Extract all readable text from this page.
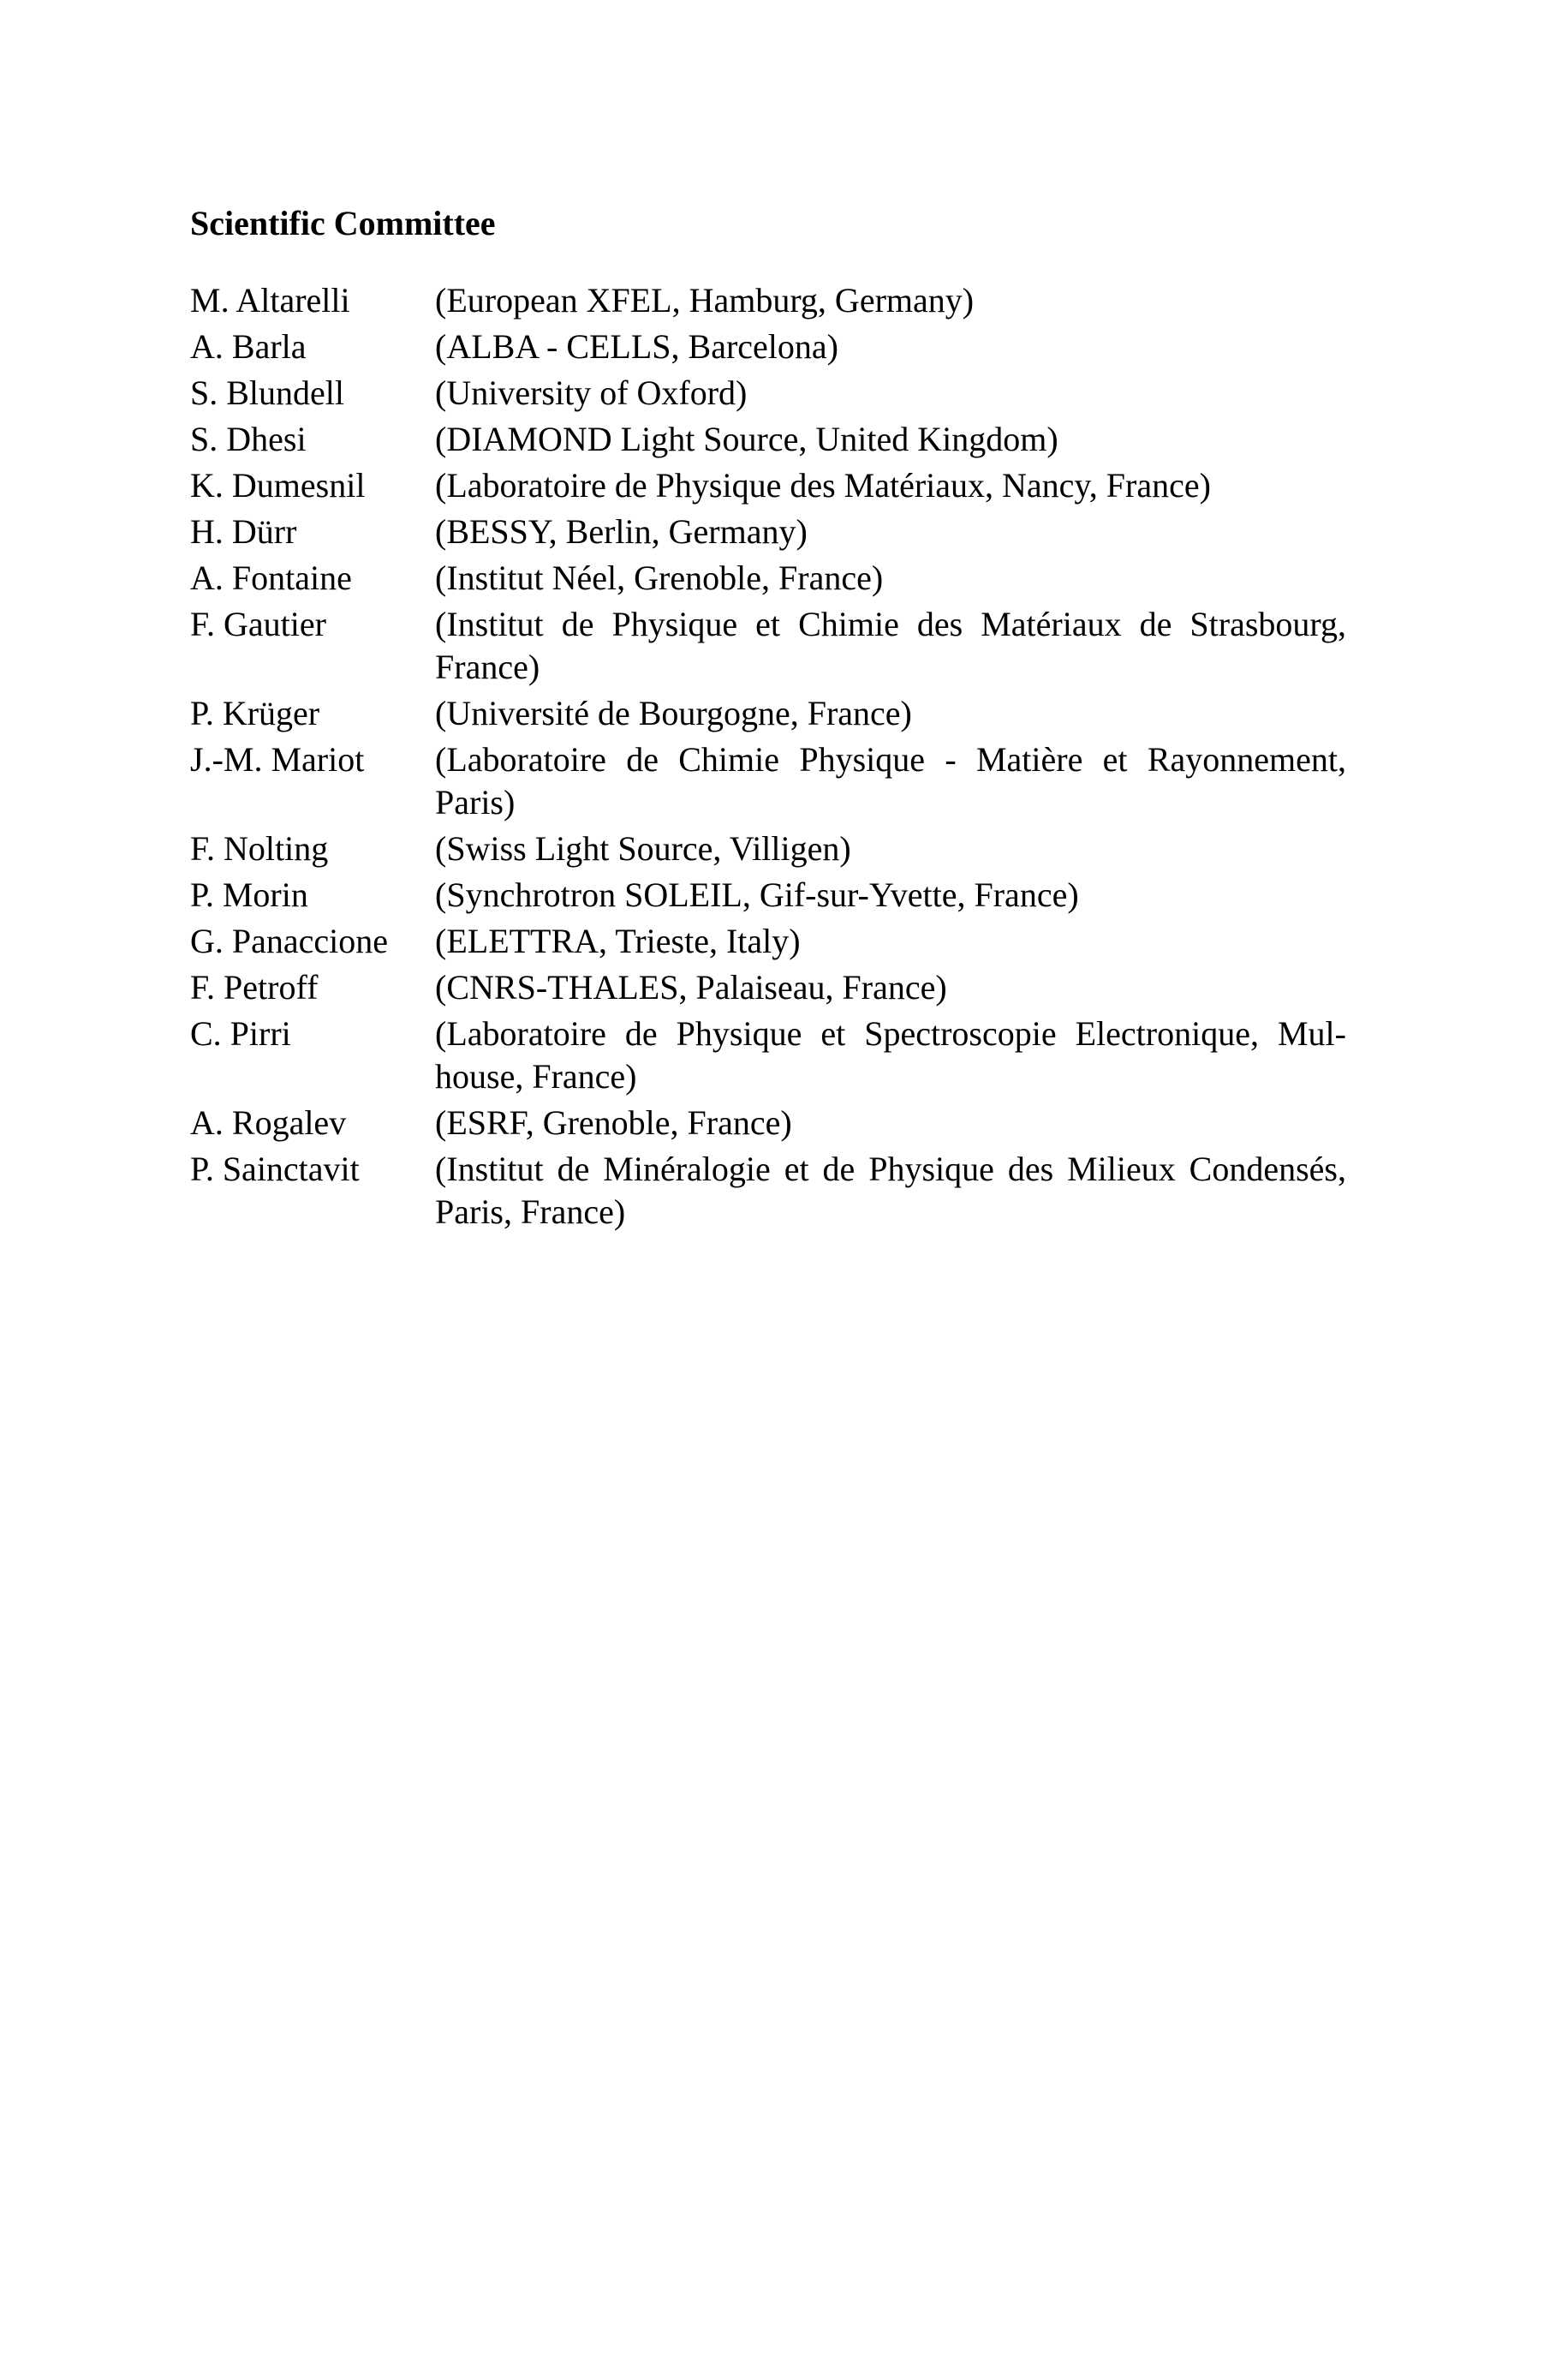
Scientific Committee
M. Altarelli	(European XFEL, Hamburg, Germany)
A. Barla	(ALBA - CELLS, Barcelona)
S. Blundell	(University of Oxford)
S. Dhesi	(DIAMOND Light Source, United Kingdom)
K. Dumesnil	(Laboratoire de Physique des Matériaux, Nancy, France)
H. Dürr	(BESSY, Berlin, Germany)
A. Fontaine	(Institut Néel, Grenoble, France)
F. Gautier	(Institut de Physique et Chimie des Matériaux de Strasbourg, France)
P. Krüger	(Université de Bourgogne, France)
J.-M. Mariot	(Laboratoire de Chimie Physique - Matière et Rayonnement, Paris)
F. Nolting	(Swiss Light Source, Villigen)
P. Morin	(Synchrotron SOLEIL, Gif-sur-Yvette, France)
G. Panaccione	(ELETTRA, Trieste, Italy)
F. Petroff	(CNRS-THALES, Palaiseau, France)
C. Pirri	(Laboratoire de Physique et Spectroscopie Electronique, Mulhouse, France)
A. Rogalev	(ESRF, Grenoble, France)
P. Sainctavit	(Institut de Minéralogie et de Physique des Milieux Condensés, Paris, France)
